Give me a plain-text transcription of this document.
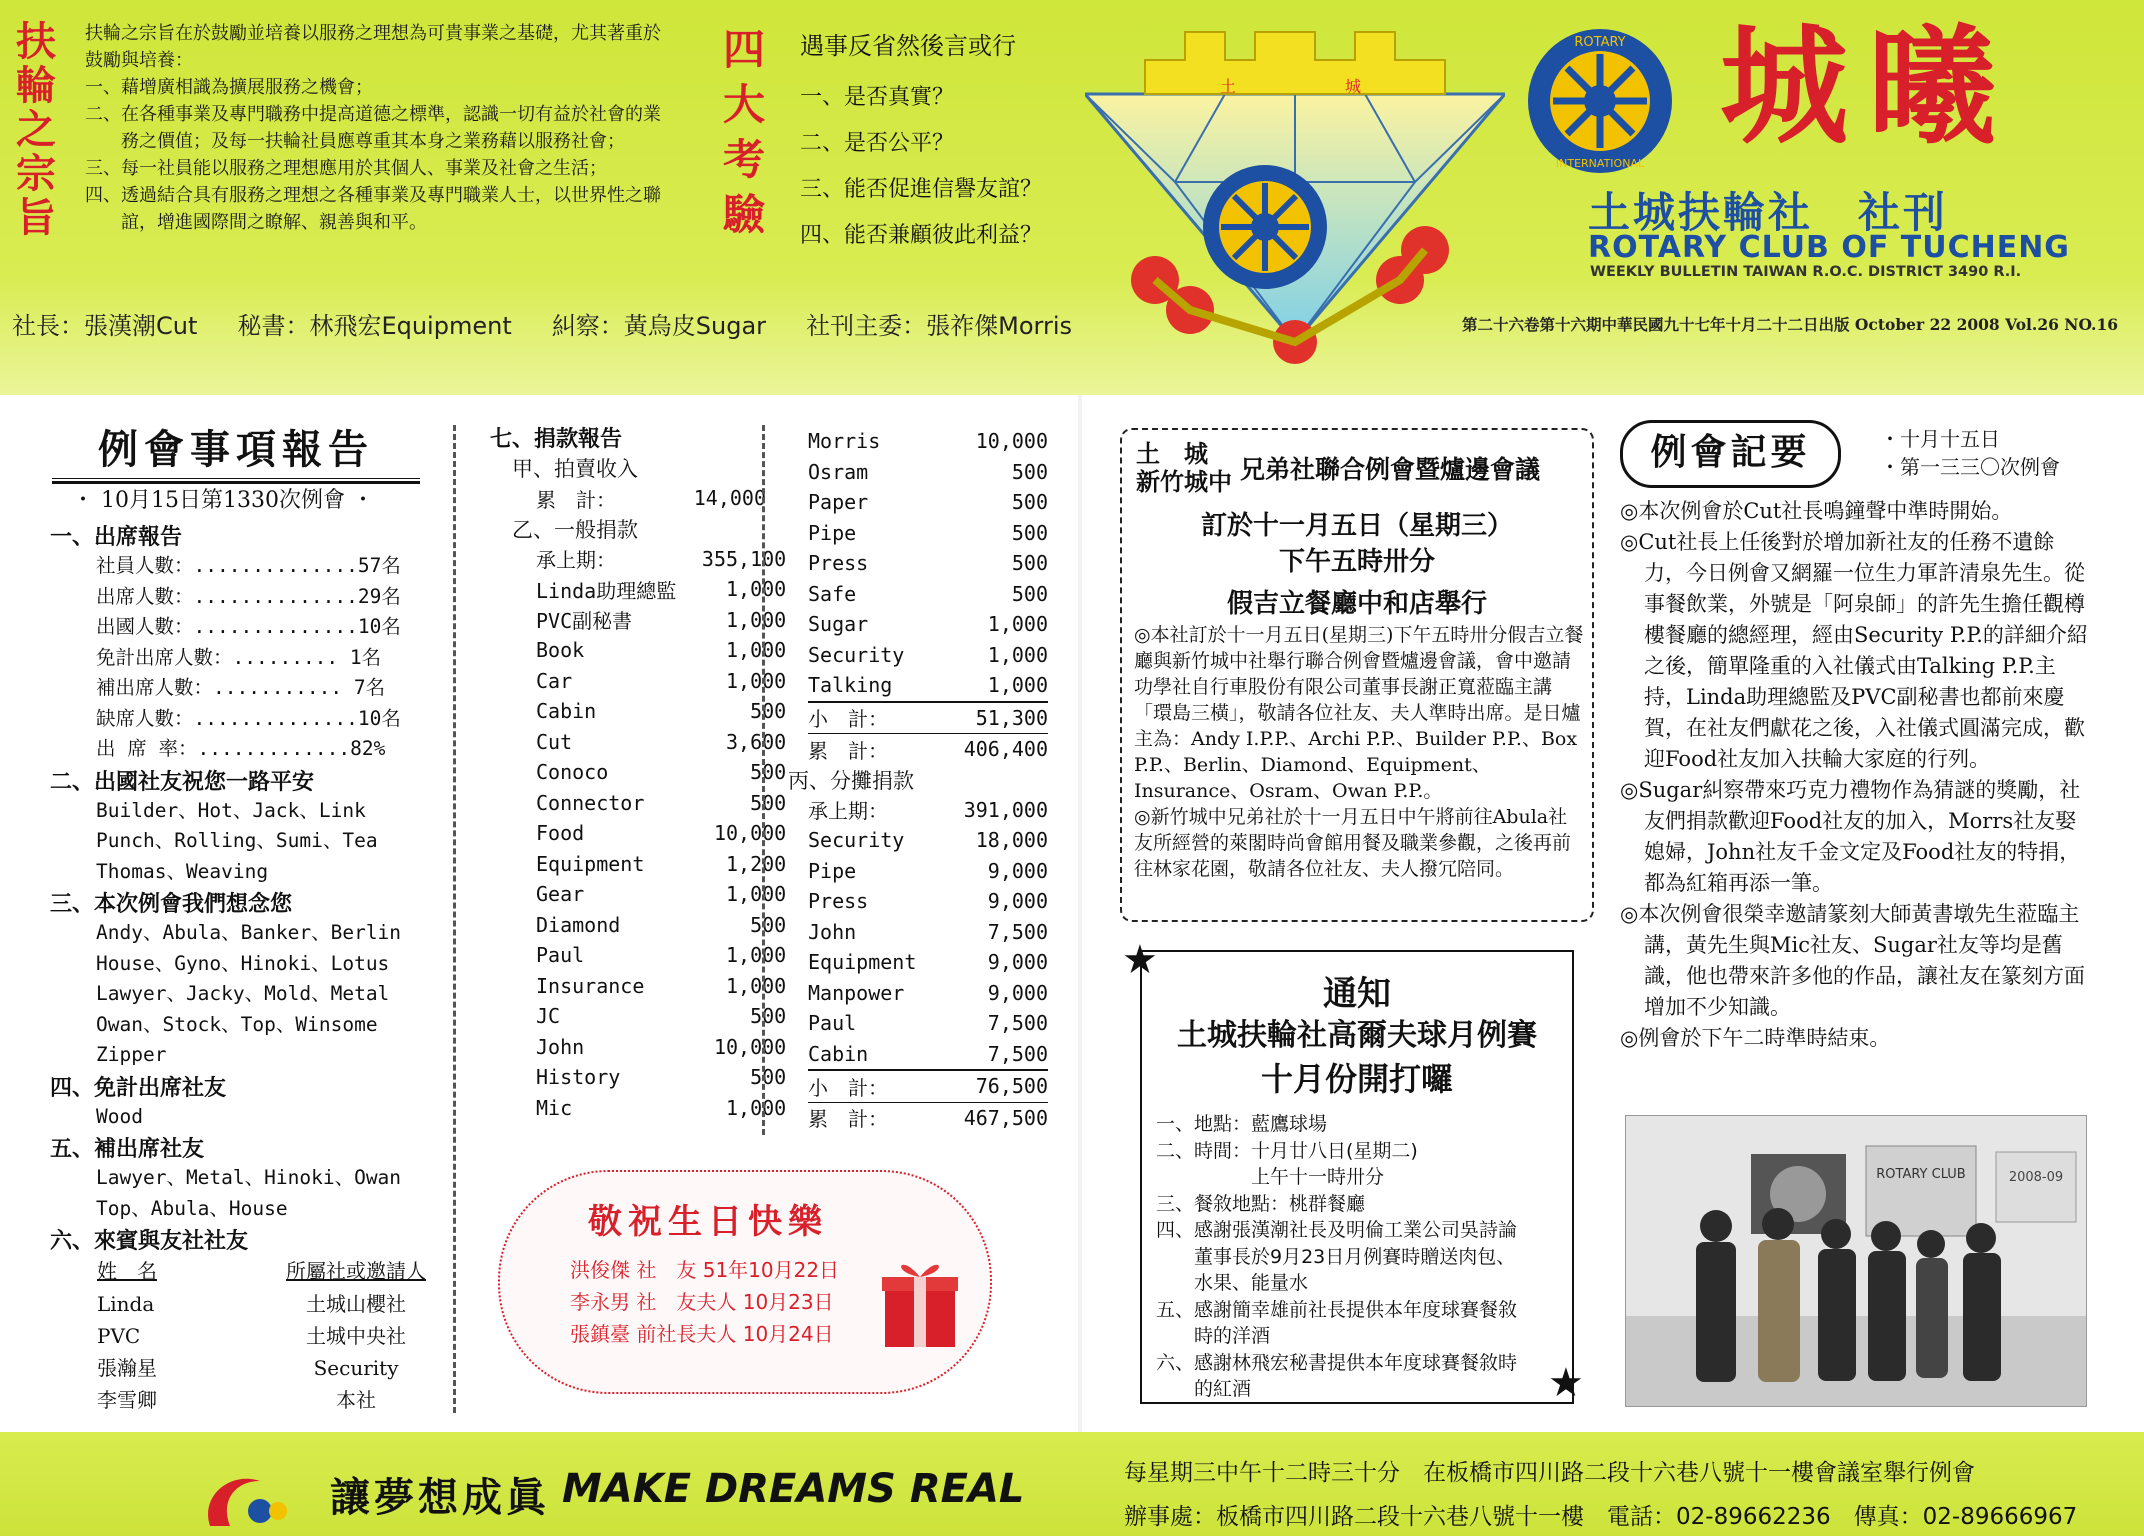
扶
輪
之
宗
旨
扶輪之宗旨在於鼓勵並培養以服務之理想為可貴事業之基礎，尤其著重於鼓勵與培養：
一、藉增廣相識為擴展服務之機會；
二、在各種事業及專門職務中提高道德之標準，認識一切有益於社會的業務之價值；及每一扶輪社員應尊重其本身之業務藉以服務社會；
三、每一社員能以服務之理想應用於其個人、事業及社會之生活；
四、透過結合具有服務之理想之各種事業及專門職業人士，以世界性之聯誼，增進國際間之瞭解、親善與和平。
四
大
考
驗
遇事反省然後言或行
一、是否真實？
二、是否公平？
三、能否促進信譽友誼？
四、能否兼顧彼此利益？
社長：張漢潮Cut 秘書：林飛宏Equipment 糾察：黃烏皮Sugar 社刊主委：張祚傑Morris
土	城
ROTARY
INTERNATIONAL
城曦
土城扶輪社　社刊
ROTARY CLUB OF TUCHENG
WEEKLY BULLETIN TAIWAN R.O.C. DISTRICT 3490 R.I.
第二十六卷第十六期中華民國九十七年十月二十二日出版 October 22 2008 Vol.26 NO.16
例會事項報告
・ 10月15日第1330次例會 ・
一、出席報告
社員人數：..............57名
出席人數：..............29名
出國人數：..............10名
免計出席人數：......... 1名
補出席人數：........... 7名
缺席人數：..............10名
出 席 率：.............82%
二、出國社友祝您一路平安
Builder、Hot、Jack、Link
Punch、Rolling、Sumi、Tea
Thomas、Weaving
三、本次例會我們想念您
Andy、Abula、Banker、Berlin
House、Gyno、Hinoki、Lotus
Lawyer、Jacky、Mold、Metal
Owan、Stock、Top、Winsome
Zipper
四、免計出席社友
Wood
五、補出席社友
Lawyer、Metal、Hinoki、Owan
Top、Abula、House
六、來賓與友社社友
姓　名	所屬社或邀請人
Linda	土城山櫻社
PVC	土城中央社
張瀚星	Security
李雪卿	本社
七、捐款報告
甲、拍賣收入
累　計：	14,000
乙、一般捐款
承上期：	355,100
Linda助理總監	1,000
PVC副秘書	1,000
Book	1,000
Car	1,000
Cabin	500
Cut	3,600
Conoco	500
Connector	500
Food	10,000
Equipment	1,200
Gear	1,000
Diamond	500
Paul	1,000
Insurance	1,000
JC	500
John	10,000
History	500
Mic	1,000
Morris	10,000
Osram	500
Paper	500
Pipe	500
Press	500
Safe	500
Sugar	1,000
Security	1,000
Talking	1,000
小　計：	51,300
累　計：	406,400
丙、分攤捐款
承上期：	391,000
Security	18,000
Pipe	9,000
Press	9,000
John	7,500
Equipment	9,000
Manpower	9,000
Paul	7,500
Cabin	7,500
小　計：	76,500
累　計：	467,500
敬祝生日快樂
洪俊傑 社　友 51年10月22日
李永男 社　友夫人 10月23日
張鎮臺 前社長夫人 10月24日
土　城
新竹城中 兄弟社聯合例會暨爐邊會議
訂於十一月五日（星期三）
下午五時卅分
假吉立餐廳中和店舉行
◎本社訂於十一月五日(星期三)下午五時卅分假吉立餐廳與新竹城中社舉行聯合例會暨爐邊會議，會中邀請功學社自行車股份有限公司董事長謝正寬蒞臨主講「環島三橫」，敬請各位社友、夫人準時出席。是日爐主為：Andy I.P.P.、Archi P.P.、Builder P.P.、Box P.P.、Berlin、Diamond、Equipment、Insurance、Osram、Owan P.P.。
◎新竹城中兄弟社於十一月五日中午將前往Abula社友所經營的萊閣時尚會館用餐及職業參觀，之後再前往林家花園，敬請各位社友、夫人撥冗陪同。
通知
土城扶輪社高爾夫球月例賽
十月份開打囉
一、地點：藍鷹球場
二、時間：十月廿八日(星期二)
　　　　　上午十一時卅分
三、餐敘地點：桃群餐廳
四、感謝張漢潮社長及明倫工業公司吳詩論
　　董事長於9月23日月例賽時贈送肉包、
　　水果、能量水
五、感謝簡幸雄前社長提供本年度球賽餐敘
　　時的洋酒
六、感謝林飛宏秘書提供本年度球賽餐敘時
　　的紅酒
★
★
例會記要	・十月十五日
・第一三三〇次例會
◎本次例會於Cut社長鳴鐘聲中準時開始。
◎Cut社長上任後對於增加新社友的任務不遺餘力，今日例會又網羅一位生力軍許清泉先生。從事餐飲業，外號是「阿泉師」的許先生擔任觀樽樓餐廳的總經理，經由Security P.P.的詳細介紹之後，簡單隆重的入社儀式由Talking P.P.主持，Linda助理總監及PVC副秘書也都前來慶賀，在社友們獻花之後，入社儀式圓滿完成，歡迎Food社友加入扶輪大家庭的行列。
◎Sugar糾察帶來巧克力禮物作為猜謎的獎勵，社友們捐款歡迎Food社友的加入，Morrs社友娶媳婦，John社友千金文定及Food社友的特捐，都為紅箱再添一筆。
◎本次例會很榮幸邀請篆刻大師黃書墩先生蒞臨主講，黃先生與Mic社友、Sugar社友等均是舊識，他也帶來許多他的作品，讓社友在篆刻方面增加不少知識。
◎例會於下午二時準時結束。
ROTARY CLUB	2008-09
讓夢想成眞 MAKE DREAMS REAL	每星期三中午十二時三十分　在板橋市四川路二段十六巷八號十一樓會議室舉行例會
辦事處：板橋市四川路二段十六巷八號十一樓　電話：02-89662236　傳真：02-89666967
